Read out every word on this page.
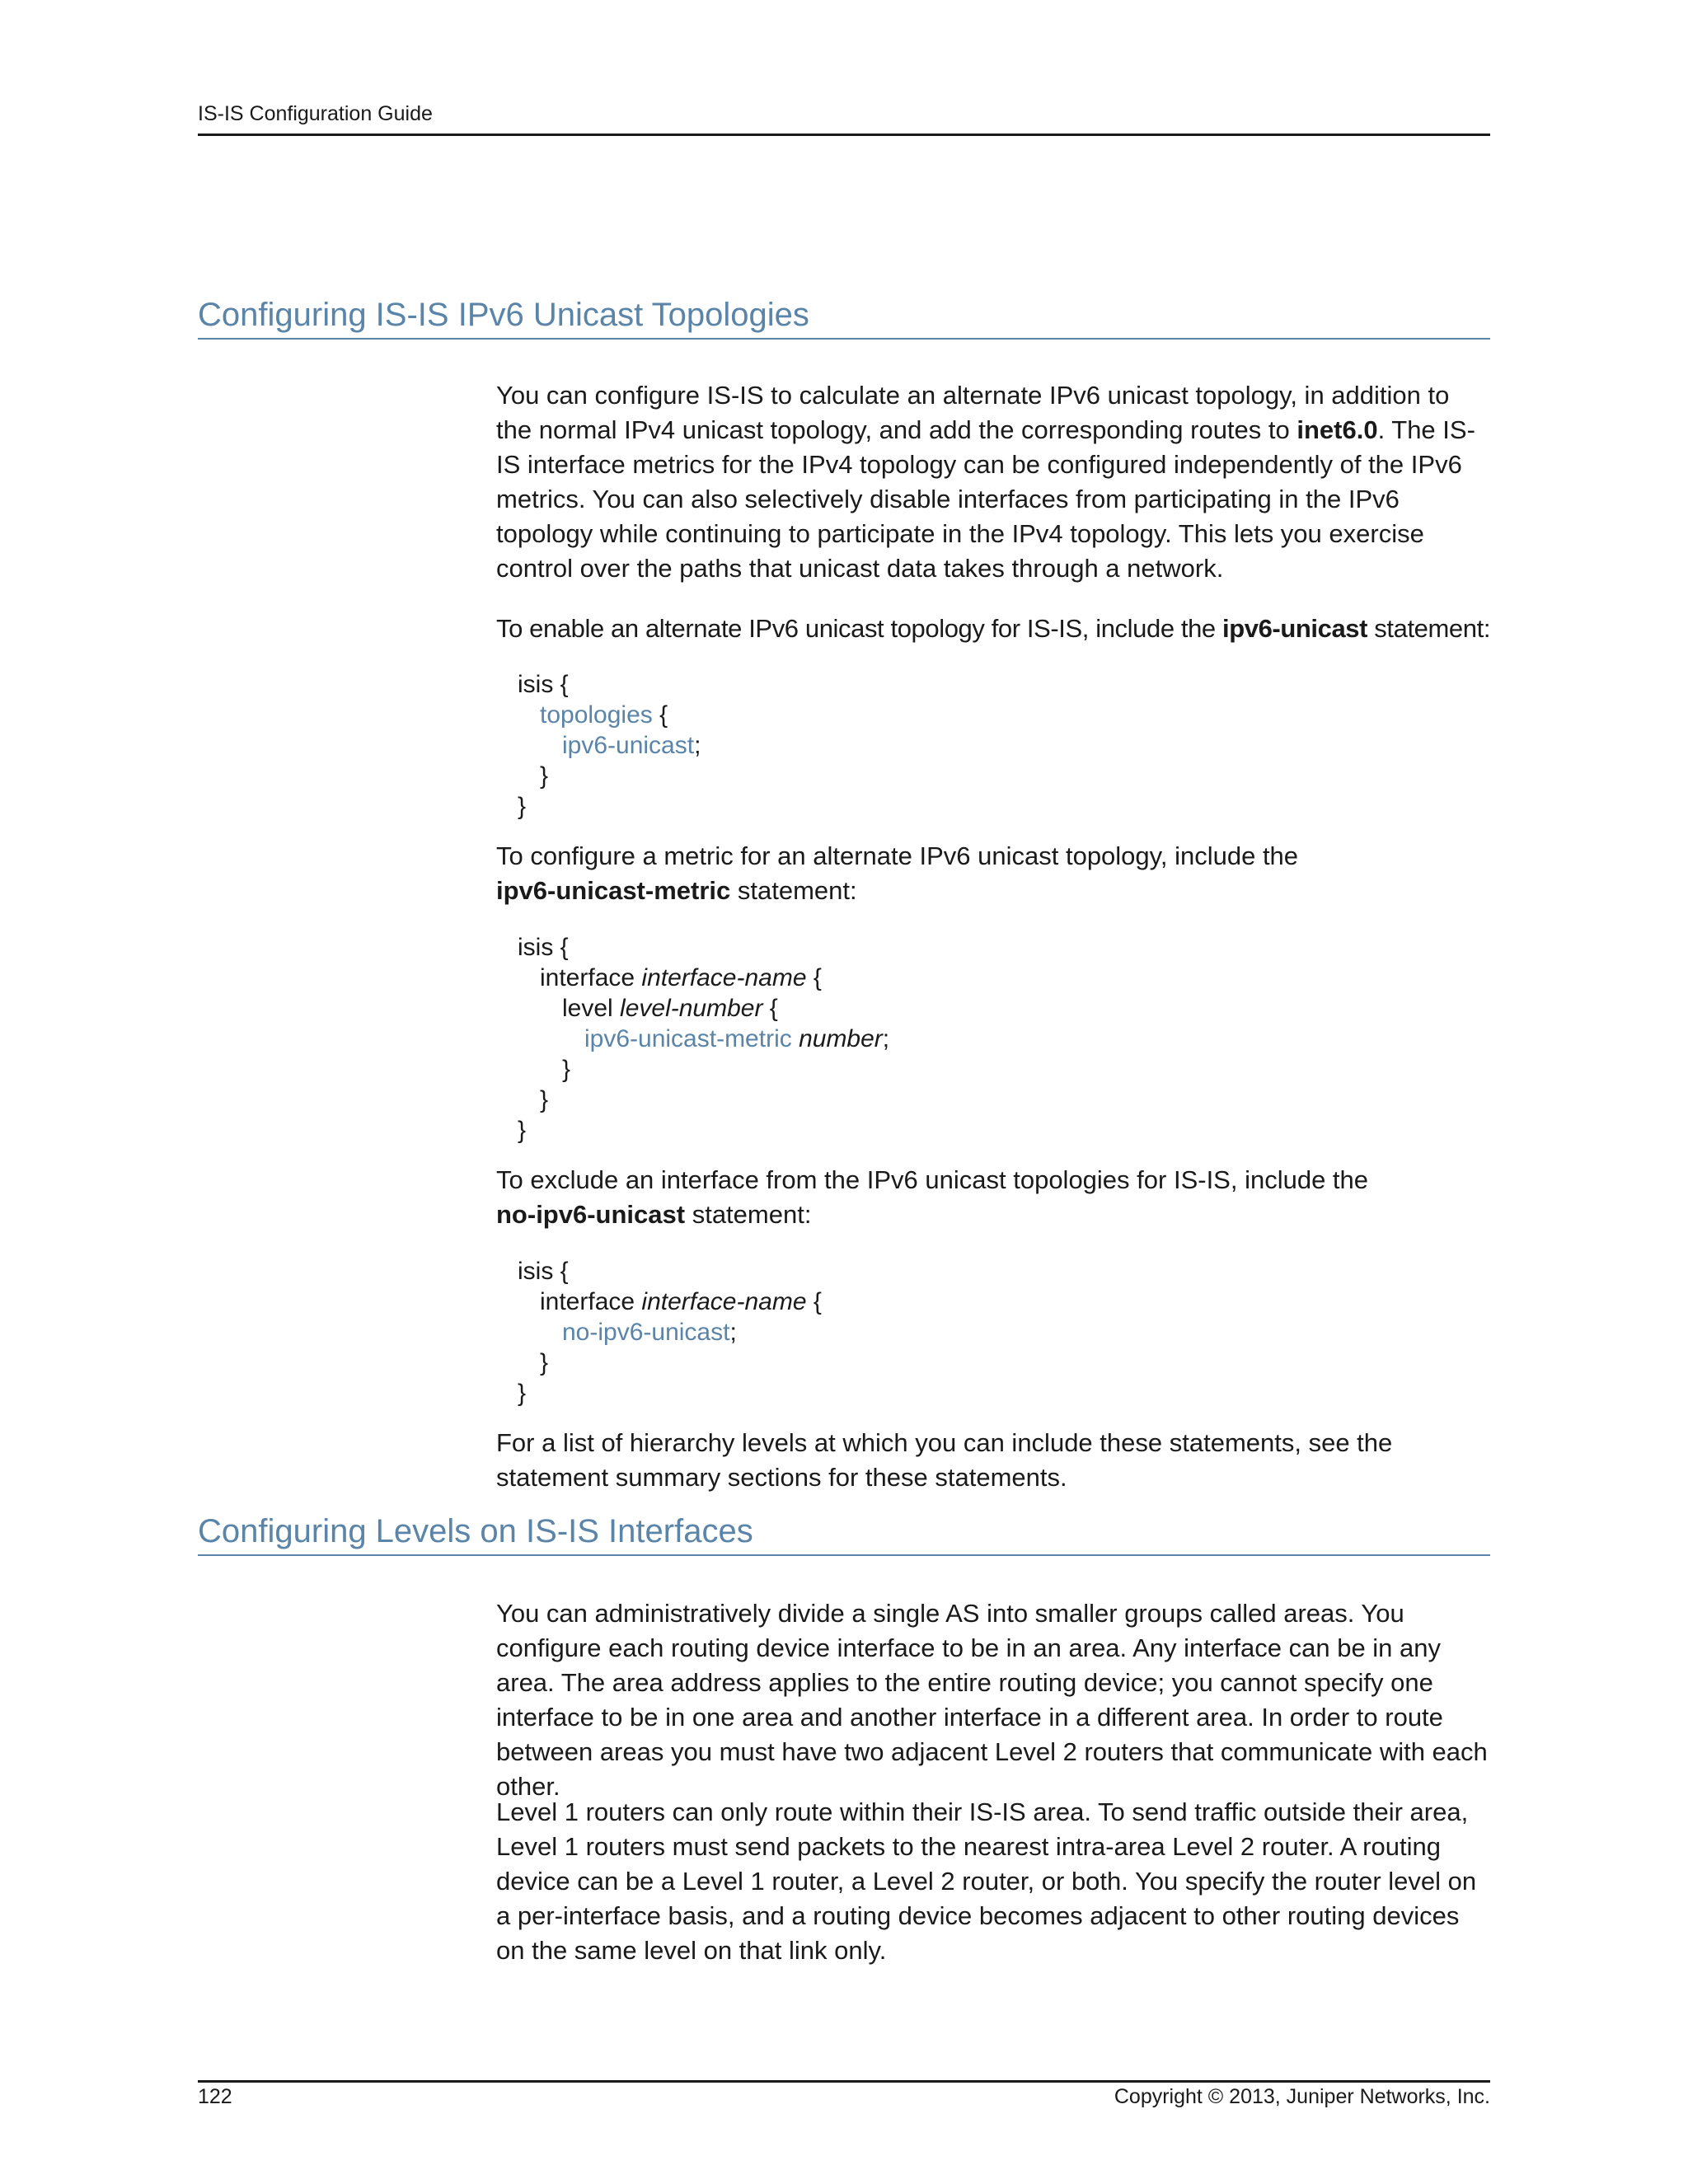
IS-IS Configuration Guide
Configuring IS-IS IPv6 Unicast Topologies

You can configure IS-IS to calculate an alternate IPv6 unicast topology, in addition to the normal IPv4 unicast topology, and add the corresponding routes to inet6.0. The IS-IS interface metrics for the IPv4 topology can be configured independently of the IPv6 metrics. You can also selectively disable interfaces from participating in the IPv6 topology while continuing to participate in the IPv4 topology. This lets you exercise control over the paths that unicast data takes through a network.

To enable an alternate IPv6 unicast topology for IS-IS, include the ipv6-unicast statement:

isis {
topologies {
ipv6-unicast;
}
}

To configure a metric for an alternate IPv6 unicast topology, include the
ipv6-unicast-metric statement:

isis {
interface interface-name {
level level-number {
ipv6-unicast-metric number;
}
}
}

To exclude an interface from the IPv6 unicast topologies for IS-IS, include the
no-ipv6-unicast statement:

isis {
interface interface-name {
no-ipv6-unicast;
}
}

For a list of hierarchy levels at which you can include these statements, see the statement summary sections for these statements.

Configuring Levels on IS-IS Interfaces

You can administratively divide a single AS into smaller groups called areas. You configure each routing device interface to be in an area. Any interface can be in any area. The area address applies to the entire routing device; you cannot specify one interface to be in one area and another interface in a different area. In order to route between areas you must have two adjacent Level 2 routers that communicate with each other.

Level 1 routers can only route within their IS-IS area. To send traffic outside their area, Level 1 routers must send packets to the nearest intra-area Level 2 router. A routing device can be a Level 1 router, a Level 2 router, or both. You specify the router level on a per-interface basis, and a routing device becomes adjacent to other routing devices on the same level on that link only.

122	Copyright © 2013, Juniper Networks, Inc.
